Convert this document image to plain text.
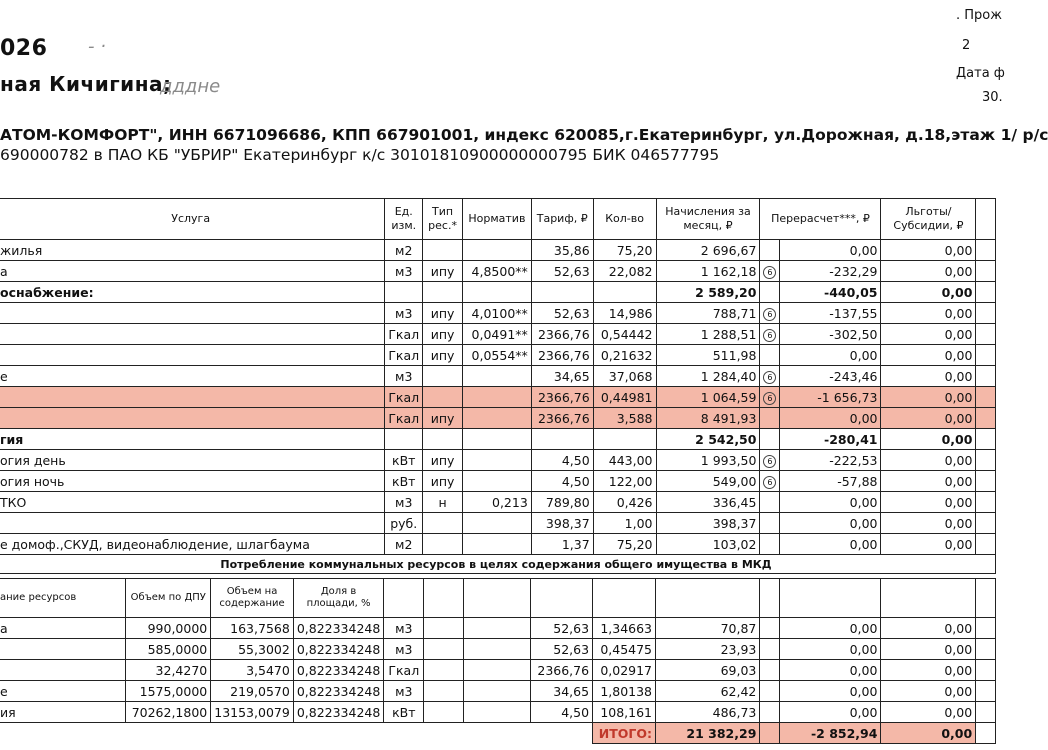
026 - ·
ная Кичигина;
дддне
. Прож
2
Дата ф
30.
АТОМ-КОМФОРТ", ИНН 6671096686, КПП 667901001, индекс 620085,г.Екатеринбург, ул.Дорожная, д.18,этаж 1/ р/с
690000782 в ПАО КБ "УБРИР" Екатеринбург к/с 30101810900000000795 БИК 046577795
Услуга	Ед. изм.	Тип рес.*	Норматив	Тариф, ₽	Кол-во	Начисления за месяц, ₽	Перерасчет***, ₽		Льготы/ Субсидии, ₽	
жилья	м2			35,86	75,20	2 696,67		0,00	0,00	
а	м3	ипу	4,8500**	52,63	22,082	1 162,18	6	-232,29	0,00	
оснабжение:						2 589,20		-440,05	0,00	
	м3	ипу	4,0100**	52,63	14,986	788,71	6	-137,55	0,00	
	Гкал	ипу	0,0491**	2366,76	0,54442	1 288,51	6	-302,50	0,00	
	Гкал	ипу	0,0554**	2366,76	0,21632	511,98		0,00	0,00	
е	м3			34,65	37,068	1 284,40	6	-243,46	0,00	
	Гкал			2366,76	0,44981	1 064,59	6	-1 656,73	0,00	
	Гкал	ипу		2366,76	3,588	8 491,93		0,00	0,00	
гия						2 542,50		-280,41	0,00	
огия день	кВт	ипу		4,50	443,00	1 993,50	6	-222,53	0,00	
огия ночь	кВт	ипу		4,50	122,00	549,00	6	-57,88	0,00	
ТКО	м3	н	0,213	789,80	0,426	336,45		0,00	0,00	
	руб.			398,37	1,00	398,37		0,00	0,00	
е домоф.,СКУД, видеонаблюдение, шлагбаума	м2			1,37	75,20	103,02		0,00	0,00	
Потребление коммунальных ресурсов в целях содержания общего имущества в МКД										
ание ресурсов	Объем по ДПУ	Объем на содержание	Доля в площади, %										
а	990,0000	163,7568	0,822334248	м3			52,63	1,34663	70,87		0,00	0,00	
	585,0000	55,3002	0,822334248	м3			52,63	0,45475	23,93		0,00	0,00	
	32,4270	3,5470	0,822334248	Гкал			2366,76	0,02917	69,03		0,00	0,00	
е	1575,0000	219,0570	0,822334248	м3			34,65	1,80138	62,42		0,00	0,00	
ия	70262,1800	13153,0079	0,822334248	кВт			4,50	108,161	486,73		0,00	0,00	
								ИТОГО:	21 382,29		-2 852,94	0,00	
